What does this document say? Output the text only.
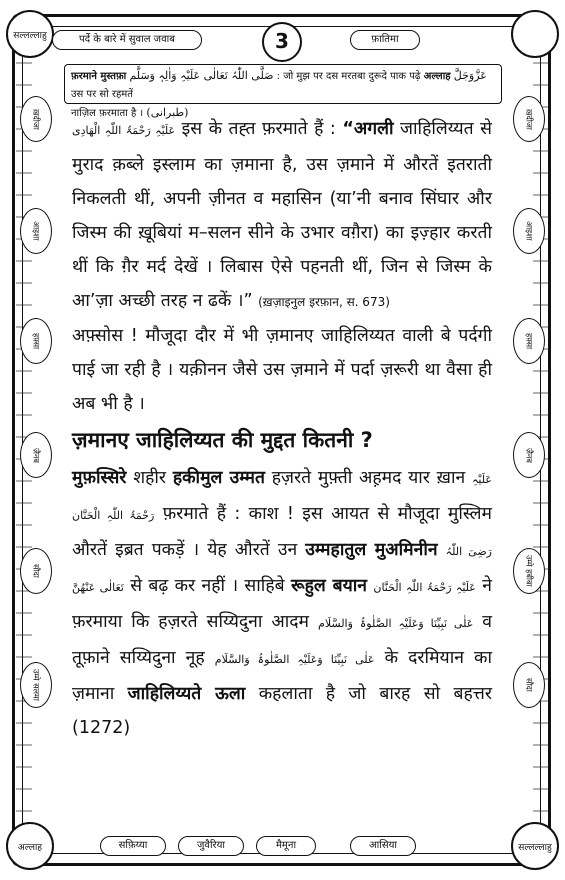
सल्लल्लाहु	पर्दे के बारे में सुवाल जवाब	3	फ़ातिमा
ख़दीजा
आइशा
हफ़्सा
ज़ैनब
सौदा
उम्मे सलमा
ख़दीजा
आइशा
हफ़्सा
ज़ैनब
उम्मे हबीबा
सौदा
फ़रमाने मुस्तफ़ा صَلَّی اللّٰہُ تَعَالٰی عَلَیْہِ وَاٰلِہٖ وَسَلَّم : जो मुझ पर दस मरतबा दुरूदे पाक पढ़े अल्लाह عَزَّوَجَلَّ उस पर सो रहमतें
नाज़िल फ़रमाता है । (طبرانی)

عَلَیْہِ رَحْمَۃُ اللّٰہِ الْھَادِی इस के तह्त फ़रमाते हैं : “अगली जाहिलिय्यत से मुराद क़ब्ले इस्लाम का ज़माना है, उस ज़माने में औरतें इतराती निकलती थीं, अपनी ज़ीनत व महासिन (या’नी बनाव सिंघार और जिस्म की ख़ूबियां म–सलन सीने के उभार वग़ैरा) का इज़्हार करती थीं कि ग़ैर मर्द देखें । लिबास ऐसे पहनती थीं, जिन से जिस्म के आ’ज़ा अच्छी तरह न ढकें ।” (ख़ज़ाइनुल इरफ़ान, स. 673)

अफ़्सोस ! मौजूदा दौर में भी ज़मानए जाहिलिय्यत वाली बे पर्दगी पाई जा रही है । यक़ीनन जैसे उस ज़माने में पर्दा ज़रूरी था वैसा ही अब भी है ।

ज़मानए जाहिलिय्यत की मुद्दत कितनी ?

मुफ़स्सिरे शहीर हकीमुल उम्मत हज़रते मुफ़्ती अह़मद यार ख़ान عَلَیْہِ رَحْمَۃُ اللّٰہِ الْحَنَّان फ़रमाते हैं : काश ! इस आयत से मौजूदा मुस्लिम औरतें इब्रत पकड़ें । येह औरतें उन उम्महातुल मुअमिनीन رَضِیَ اللّٰہُ تَعَالٰی عَنْھُنَّ से बढ़ कर नहीं । साहिबे रूहुल बयान عَلَیْہِ رَحْمَۃُ اللّٰہِ الْحَنَّان ने फ़रमाया कि हज़रते सय्यिदुना आदम عَلٰی نَبِیِّنَا وَعَلَیْہِ الصَّلٰوۃُ وَالسَّلَام व तूफ़ाने सय्यिदुना नूह عَلٰی نَبِیِّنَا وَعَلَیْہِ الصَّلٰوۃُ وَالسَّلَام के दरमियान का ज़माना जाहिलिय्यते ऊला कहलाता है जो बारह सो बहत्तर (1272)

अल्लाह	सल्लल्लाहु
सफ़िय्या	जुवैरिया	मैमूना	आसिया
